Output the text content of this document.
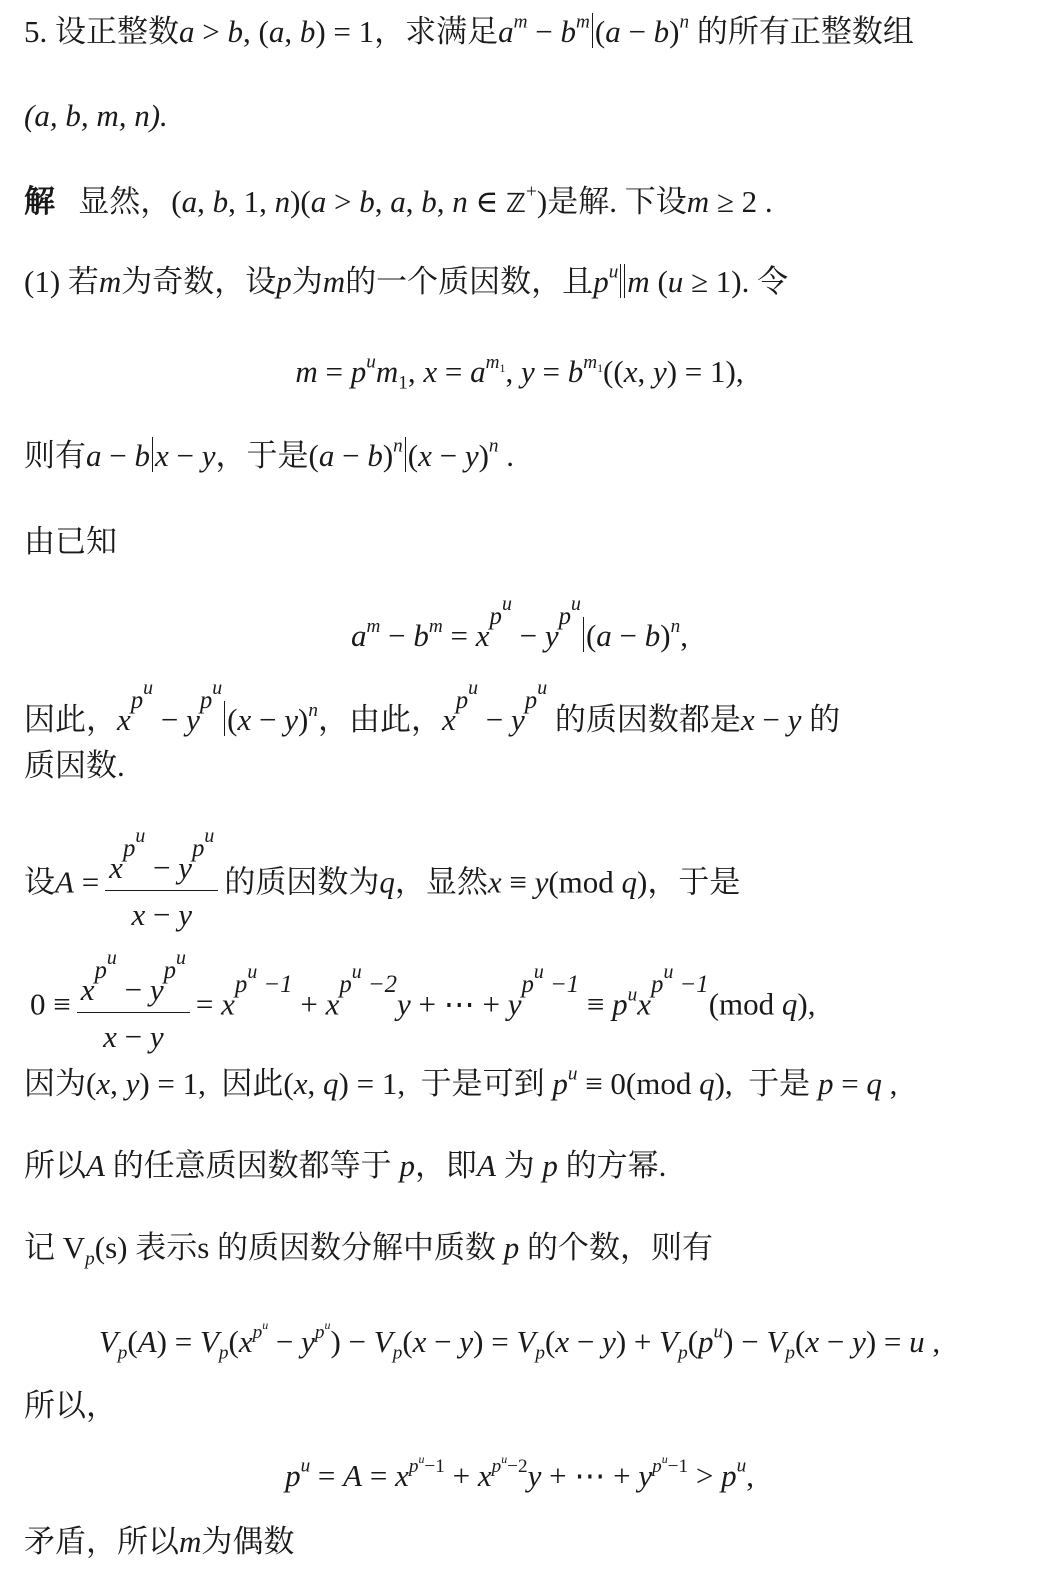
5. 设正整数a > b, (a, b) = 1，求满足$a^m - b^m$ $(a - b)^n$ 的所有正整数组
(a, b, m, n).
解 显然，(a, b, 1, n)(a > b, a, b, n ∈ ℤ+)是解. 下设m ≥ 2 .
(1) 若m为奇数，设p为m的一个质因数，且$p^u$ m (u ≥ 1). 令
$m = p^um_1$, $x = a^{m_1}$, $y = b^{m_1}((x$, y) = 1),
则有a − b x − y，于是$(a - b)^n$ $(x - y)^n$ .
由已知
$a^m - b^m = x^{p^u} - y^{p^u}(a - b)^n$,
因此，$x^{p^u} - y^{p^u}(x - y)^n$，由此，$x^{p^u} - y^{p^u}$ 的质因数都是x − y 的
质因数.
设$A = \frac{x^{p^u} - y^{p^u}}{x - y}$ 的质因数为q，显然x ≡ y(mod q)，于是
$0 \equiv \frac{x^{p^u} - y^{p^u}}{x - y} = x^{p^u -1} + x^{p^u -2}y$ + ⋯ + $y^{p^u -1} \equiv p^ux^{p^u -1}(mod$ q),
因为(x, y) = 1,  因此(x, q) = 1,  于是可到 $p^u \equiv 0(mod$ q),  于是 p = q ,
所以A 的任意质因数都等于 p，即A 为 p 的方幂.
记 $V_p(s)$ 表示s 的质因数分解中质数 p 的个数，则有
$V_p(A) = V_p(x^{p^u} - y^{p^u}) - V_p(x - y) = V_p(x - y) + V_p(p^u) - V_p(x - y) = u$ ,
所以，
$p^u = A = x^{p^u-1} + x^{p^u-2}y$ + ⋯ + $y^{p^u-1} > p^u$,
矛盾，所以m为偶数
